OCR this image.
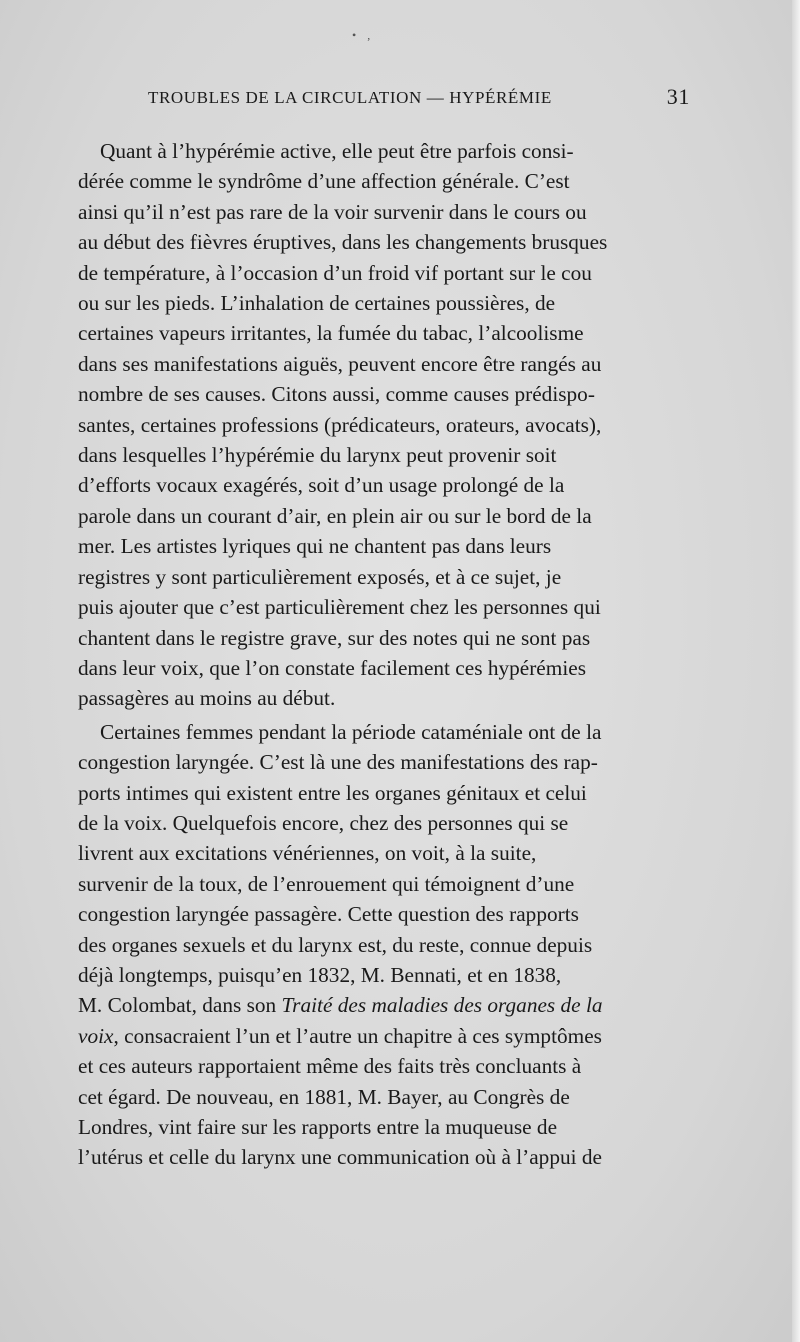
• ,
TROUBLES DE LA CIRCULATION — HYPÉRÉMIE	31

Quant à l’hypérémie active, elle peut être parfois consi-
dérée comme le syndrôme d’une affection générale. C’est
ainsi qu’il n’est pas rare de la voir survenir dans le cours ou
au début des fièvres éruptives, dans les changements brusques
de température, à l’occasion d’un froid vif portant sur le cou
ou sur les pieds. L’inhalation de certaines poussières, de
certaines vapeurs irritantes, la fumée du tabac, l’alcoolisme
dans ses manifestations aiguës, peuvent encore être rangés au
nombre de ses causes. Citons aussi, comme causes prédispo-
santes, certaines professions (prédicateurs, orateurs, avocats),
dans lesquelles l’hypérémie du larynx peut provenir soit
d’efforts vocaux exagérés, soit d’un usage prolongé de la
parole dans un courant d’air, en plein air ou sur le bord de la
mer. Les artistes lyriques qui ne chantent pas dans leurs
registres y sont particulièrement exposés, et à ce sujet, je
puis ajouter que c’est particulièrement chez les personnes qui
chantent dans le registre grave, sur des notes qui ne sont pas
dans leur voix, que l’on constate facilement ces hypérémies
passagères au moins au début.

Certaines femmes pendant la période cataméniale ont de la
congestion laryngée. C’est là une des manifestations des rap-
ports intimes qui existent entre les organes génitaux et celui
de la voix. Quelquefois encore, chez des personnes qui se
livrent aux excitations vénériennes, on voit, à la suite,
survenir de la toux, de l’enrouement qui témoignent d’une
congestion laryngée passagère. Cette question des rapports
des organes sexuels et du larynx est, du reste, connue depuis
déjà longtemps, puisqu’en 1832, M. Bennati, et en 1838,
M. Colombat, dans son Traité des maladies des organes de la
voix, consacraient l’un et l’autre un chapitre à ces symptômes
et ces auteurs rapportaient même des faits très concluants à
cet égard. De nouveau, en 1881, M. Bayer, au Congrès de
Londres, vint faire sur les rapports entre la muqueuse de
l’utérus et celle du larynx une communication où à l’appui de
